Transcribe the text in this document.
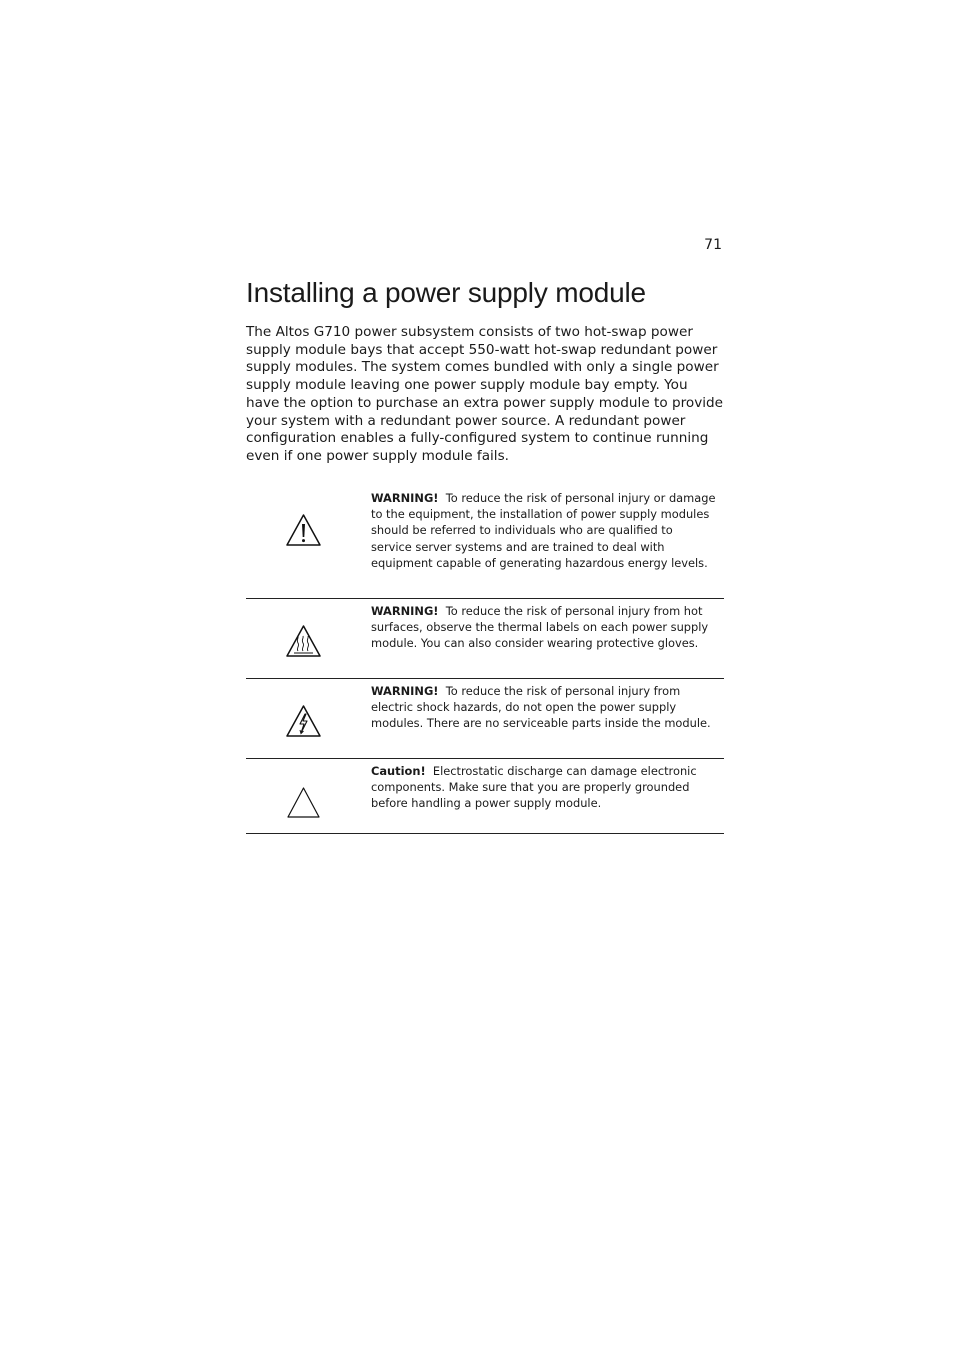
71
Installing a power supply module

The Altos G710 power subsystem consists of two hot-swap power supply module bays that accept 550-watt hot-swap redundant power supply modules. The system comes bundled with only a single power supply module leaving one power supply module bay empty. You have the option to purchase an extra power supply module to provide your system with a redundant power source. A redundant power configuration enables a fully-configured system to continue running even if one power supply module fails.

WARNING! To reduce the risk of personal injury or damage to the equipment, the installation of power supply modules should be referred to individuals who are qualified to service server systems and are trained to deal with equipment capable of generating hazardous energy levels.
WARNING! To reduce the risk of personal injury from hot surfaces, observe the thermal labels on each power supply module. You can also consider wearing protective gloves.
WARNING! To reduce the risk of personal injury from electric shock hazards, do not open the power supply modules. There are no serviceable parts inside the module.
Caution! Electrostatic discharge can damage electronic components. Make sure that you are properly grounded before handling a power supply module.
